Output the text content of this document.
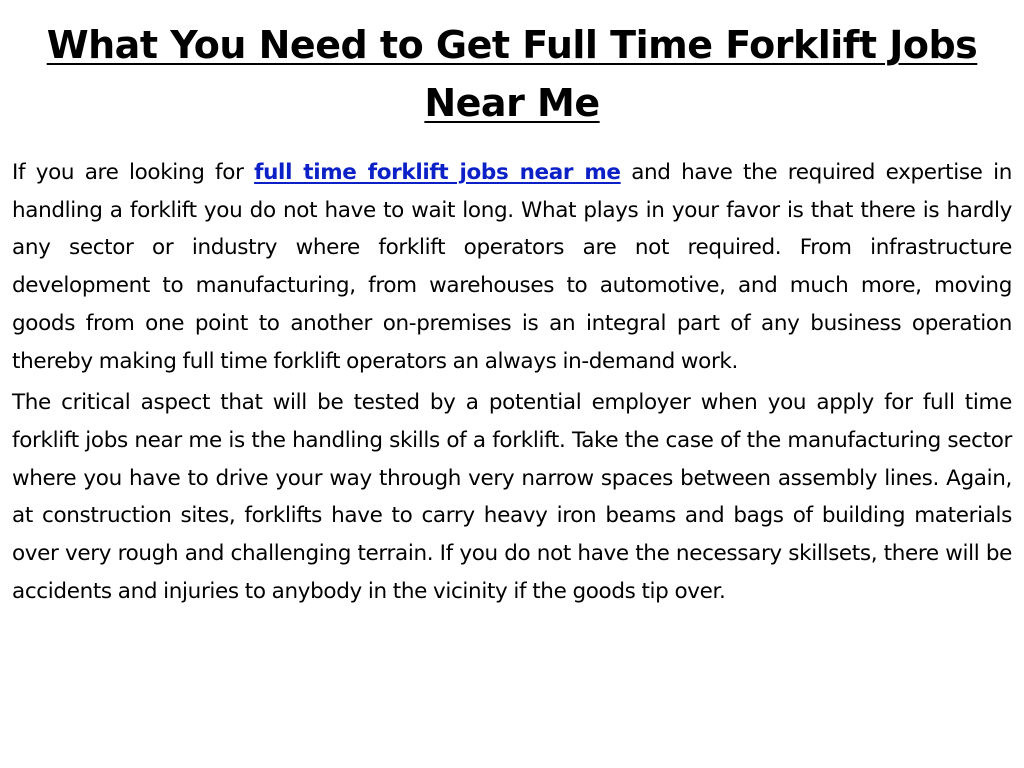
What You Need to Get Full Time Forklift Jobs Near Me

If you are looking for full time forklift jobs near me and have the required expertise in handling a forklift you do not have to wait long. What plays in your favor is that there is hardly any sector or industry where forklift operators are not required. From infrastructure development to manufacturing, from warehouses to automotive, and much more, moving goods from one point to another on-premises is an integral part of any business operation thereby making full time forklift operators an always in-demand work.

The critical aspect that will be tested by a potential employer when you apply for full time forklift jobs near me is the handling skills of a forklift. Take the case of the manufacturing sector where you have to drive your way through very narrow spaces between assembly lines. Again, at construction sites, forklifts have to carry heavy iron beams and bags of building materials over very rough and challenging terrain. If you do not have the necessary skillsets, there will be accidents and injuries to anybody in the vicinity if the goods tip over.
